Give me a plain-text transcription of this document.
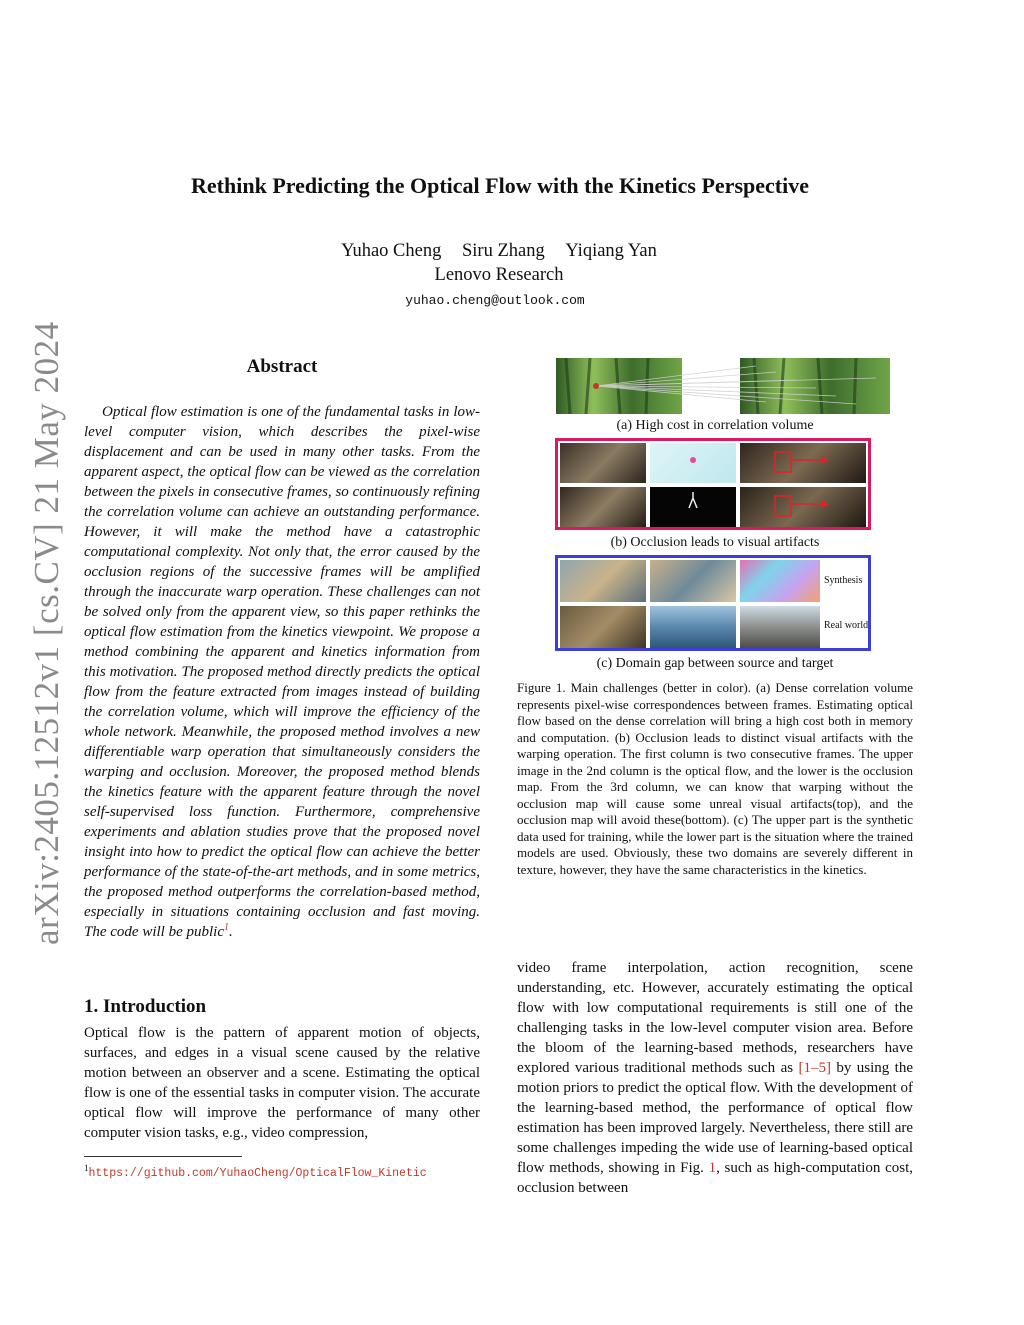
arXiv:2405.12512v1 [cs.CV] 21 May 2024
Rethink Predicting the Optical Flow with the Kinetics Perspective
Yuhao Cheng Siru Zhang Yiqiang Yan
Lenovo Research
yuhao.cheng@outlook.com
Abstract

Optical flow estimation is one of the fundamental tasks in low-level computer vision, which describes the pixel-wise displacement and can be used in many other tasks. From the apparent aspect, the optical flow can be viewed as the correlation between the pixels in consecutive frames, so continuously refining the correlation volume can achieve an outstanding performance. However, it will make the method have a catastrophic computational complexity. Not only that, the error caused by the occlusion regions of the successive frames will be amplified through the inaccurate warp operation. These challenges can not be solved only from the apparent view, so this paper rethinks the optical flow estimation from the kinetics viewpoint. We propose a method combining the apparent and kinetics information from this motivation. The proposed method directly predicts the optical flow from the feature extracted from images instead of building the correlation volume, which will improve the efficiency of the whole network. Meanwhile, the proposed method involves a new differentiable warp operation that simultaneously considers the warping and occlusion. Moreover, the proposed method blends the kinetics feature with the apparent feature through the novel self-supervised loss function. Furthermore, comprehensive experiments and ablation studies prove that the proposed novel insight into how to predict the optical flow can achieve the better performance of the state-of-the-art methods, and in some metrics, the proposed method outperforms the correlation-based method, especially in situations containing occlusion and fast moving. The code will be public$^1$.

1. Introduction

Optical flow is the pattern of apparent motion of objects, surfaces, and edges in a visual scene caused by the relative motion between an observer and a scene. Estimating the optical flow is one of the essential tasks in computer vision. The accurate optical flow will improve the performance of many other computer vision tasks, e.g., video compression,

$^1$https://github.com/YuhaoCheng/OpticalFlow_Kinetic

(a) High cost in correlation volume
(b) Occlusion leads to visual artifacts
Synthesis
Real world
(c) Domain gap between source and target

Figure 1. Main challenges (better in color). (a) Dense correlation volume represents pixel-wise correspondences between frames. Estimating optical flow based on the dense correlation will bring a high cost both in memory and computation. (b) Occlusion leads to distinct visual artifacts with the warping operation. The first column is two consecutive frames. The upper image in the 2nd column is the optical flow, and the lower is the occlusion map. From the 3rd column, we can know that warping without the occlusion map will cause some unreal visual artifacts(top), and the occlusion map will avoid these(bottom). (c) The upper part is the synthetic data used for training, while the lower part is the situation where the trained models are used. Obviously, these two domains are severely different in texture, however, they have the same characteristics in the kinetics.

video frame interpolation, action recognition, scene understanding, etc. However, accurately estimating the optical flow with low computational requirements is still one of the challenging tasks in the low-level computer vision area. Before the bloom of the learning-based methods, researchers have explored various traditional methods such as [1–5] by using the motion priors to predict the optical flow. With the development of the learning-based method, the performance of optical flow estimation has been improved largely. Nevertheless, there still are some challenges impeding the wide use of learning-based optical flow methods, showing in Fig. 1, such as high-computation cost, occlusion between
